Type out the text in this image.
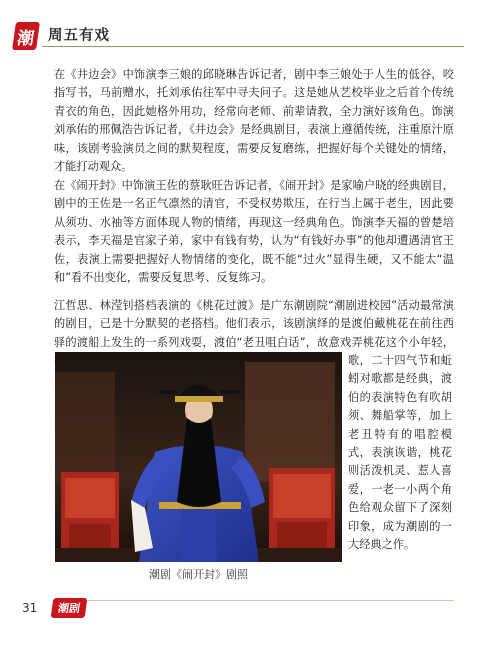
潮 周五有戏

在《井边会》中饰演李三娘的邱晓琳告诉记者，剧中李三娘处于人生的低谷，咬指写书，马前赠水，托刘承佑往军中寻夫问子。这是她从艺校毕业之后首个传统青衣的角色，因此她格外用功，经常向老师、前辈请教，全力演好该角色。饰演刘承佑的邢佩浩告诉记者，《井边会》是经典剧目，表演上遵循传统，注重原汁原味，该剧考验演员之间的默契程度，需要反复磨练，把握好每个关键处的情绪，才能打动观众。

在《闹开封》中饰演王佐的蔡耿旺告诉记者，《闹开封》是家喻户晓的经典剧目，剧中的王佐是一名正气凛然的清官，不受权势欺压，在行当上属于老生，因此要从须功、水袖等方面体现人物的情绪，再现这一经典角色。饰演李天福的曾楚培表示，李天福是官家子弟，家中有钱有势，认为“有钱好办事”的他却遭遇清官王佐，表演上需要把握好人物情绪的变化，既不能“过火”显得生硬，又不能太“温和”看不出变化，需要反复思考、反复练习。

江哲思、林滢钊搭档表演的《桃花过渡》是广东潮剧院“潮剧进校园”活动最常演的剧目，已是十分默契的老搭档。他们表示，该剧演绎的是渡伯戴桃花在前往西驿的渡船上发生的一系列戏耍，渡伯“老丑咀白话”，故意戏弄桃花这个小年轻，

潮剧《闹开封》剧照

歌，二十四气节和蚯蚓对歌都是经典，渡伯的表演特色有吹胡须、舞船掌等，加上老丑特有的唱腔模式，表演诙谐，桃花则活泼机灵、惹人喜爱，一老一小两个角色给观众留下了深刻印象，成为潮剧的一大经典之作。

31	潮剧
